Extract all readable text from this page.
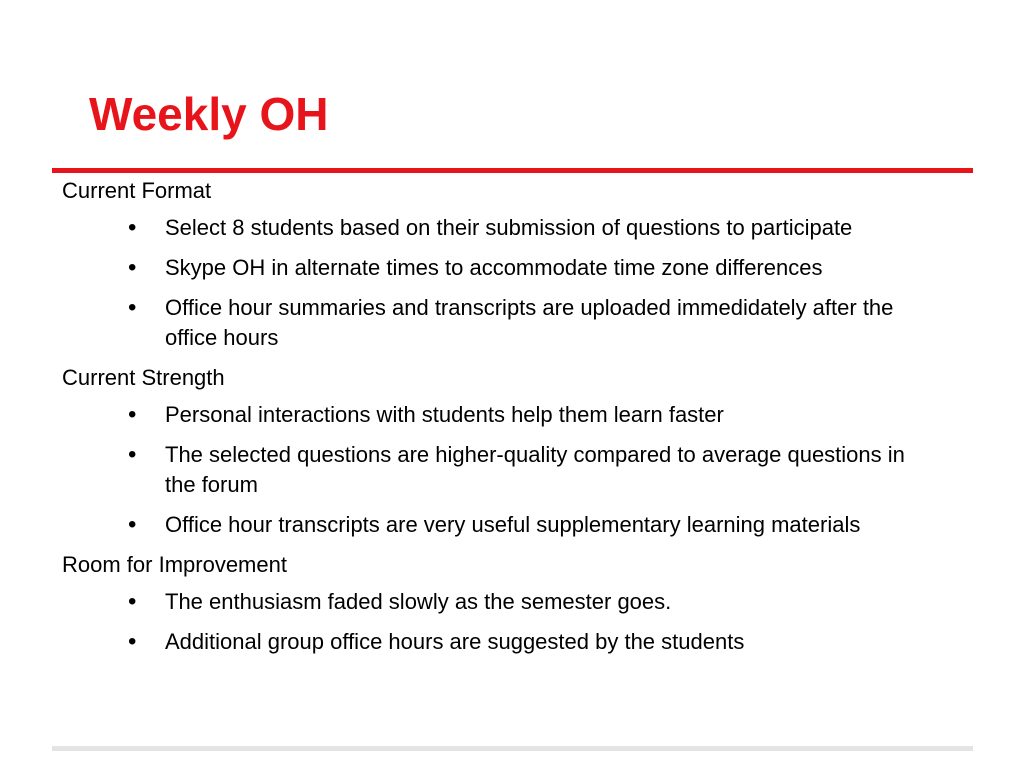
Weekly OH

Current Format

• Select 8 students based on their submission of questions to participate
• Skype OH in alternate times to accommodate time zone differences
• Office hour summaries and transcripts are uploaded immedidately after the office hours

Current Strength

• Personal interactions with students help them learn faster
• The selected questions are higher-quality compared to average questions in the forum
• Office hour transcripts are very useful supplementary learning materials

Room for Improvement

• The enthusiasm faded slowly as the semester goes.
• Additional group office hours are suggested by the students
